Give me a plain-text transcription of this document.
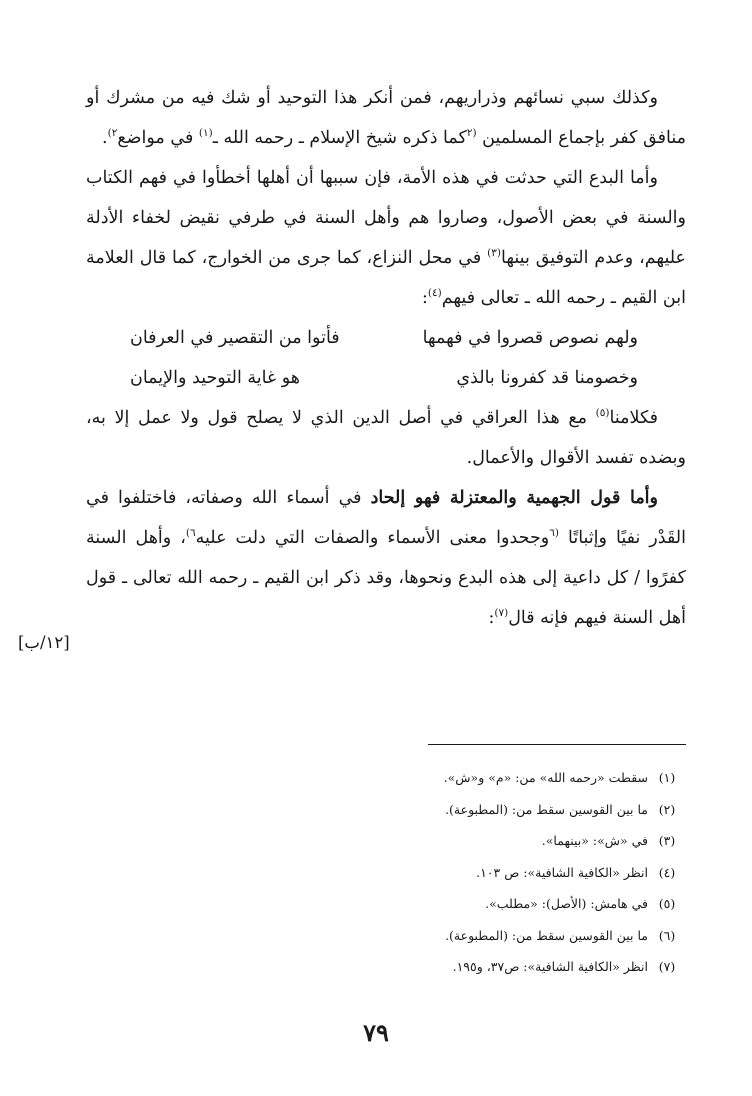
وكذلك سبي نسائهم وذراريهم، فمن أنكر هذا التوحيد أو شك فيه من مشرك أو منافق كفر بإجماع المسلمين $^{(٢}$كما ذكره شيخ الإسلام ـ رحمه الله ـ$^{(١)}$ في مواضع$^{٢)}$.

وأما البدع التي حدثت في هذه الأمة، فإن سببها أن أهلها أخطأوا في فهم الكتاب والسنة في بعض الأصول، وصاروا هم وأهل السنة في طرفي نقيض لخفاء الأدلة عليهم، وعدم التوفيق بينها$^{(٣)}$ في محل النزاع، كما جرى من الخوارج، كما قال العلامة ابن القيم ـ رحمه الله ـ تعالى فيهم$^{(٤)}$:

ولهم نصوص قصروا في فهمها
فأتوا من التقصير في العرفان
وخصومنا قد كفرونا بالذي
هو غاية التوحيد والإيمان

فكلامنا$^{(٥)}$ مع هذا العراقي في أصل الدين الذي لا يصلح قول ولا عمل إلا به، وبضده تفسد الأقوال والأعمال.

وأما قول الجهمية والمعتزلة فهو إلحاد في أسماء الله وصفاته، فاختلفوا في القَدْر نفيًا وإثباتًا $^{(٦}$وجحدوا معنى الأسماء والصفات التي دلت عليه$^{٦)}$، وأهل السنة كفرًوا / كل داعية إلى هذه البدع ونحوها، وقد ذكر ابن القيم ـ رحمه الله تعالى ـ قول أهل السنة فيهم فإنه قال$^{(٧)}$:

[١٢/ب]
(١)
سقطت «رحمه الله» من: «م» و«ش».
(٢)
ما بين القوسين سقط من: (المطبوعة).
(٣)
في «ش»: «بينهما».
(٤)
انظر «الكافية الشافية»: ص ١٠٣.
(٥)
في هامش: (الأصل): «مطلب».
(٦)
ما بين القوسين سقط من: (المطبوعة).
(٧)
انظر «الكافية الشافية»: ص٣٧، و١٩٥.
٧٩
